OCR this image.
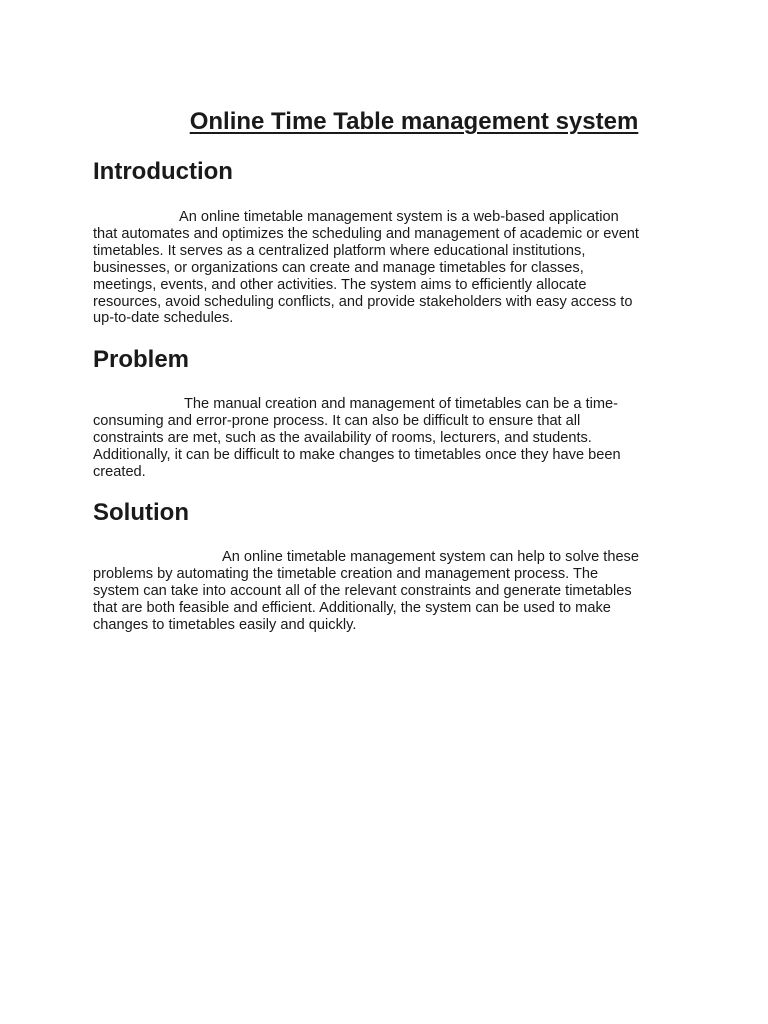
Online Time Table management system
Introduction

An online timetable management system is a web-based application
that automates and optimizes the scheduling and management of academic or event
timetables. It serves as a centralized platform where educational institutions,
businesses, or organizations can create and manage timetables for classes,
meetings, events, and other activities. The system aims to efficiently allocate
resources, avoid scheduling conflicts, and provide stakeholders with easy access to
up-to-date schedules.

Problem

The manual creation and management of timetables can be a time-
consuming and error-prone process. It can also be difficult to ensure that all
constraints are met, such as the availability of rooms, lecturers, and students.
Additionally, it can be difficult to make changes to timetables once they have been
created.

Solution

An online timetable management system can help to solve these
problems by automating the timetable creation and management process. The
system can take into account all of the relevant constraints and generate timetables
that are both feasible and efficient. Additionally, the system can be used to make
changes to timetables easily and quickly.
